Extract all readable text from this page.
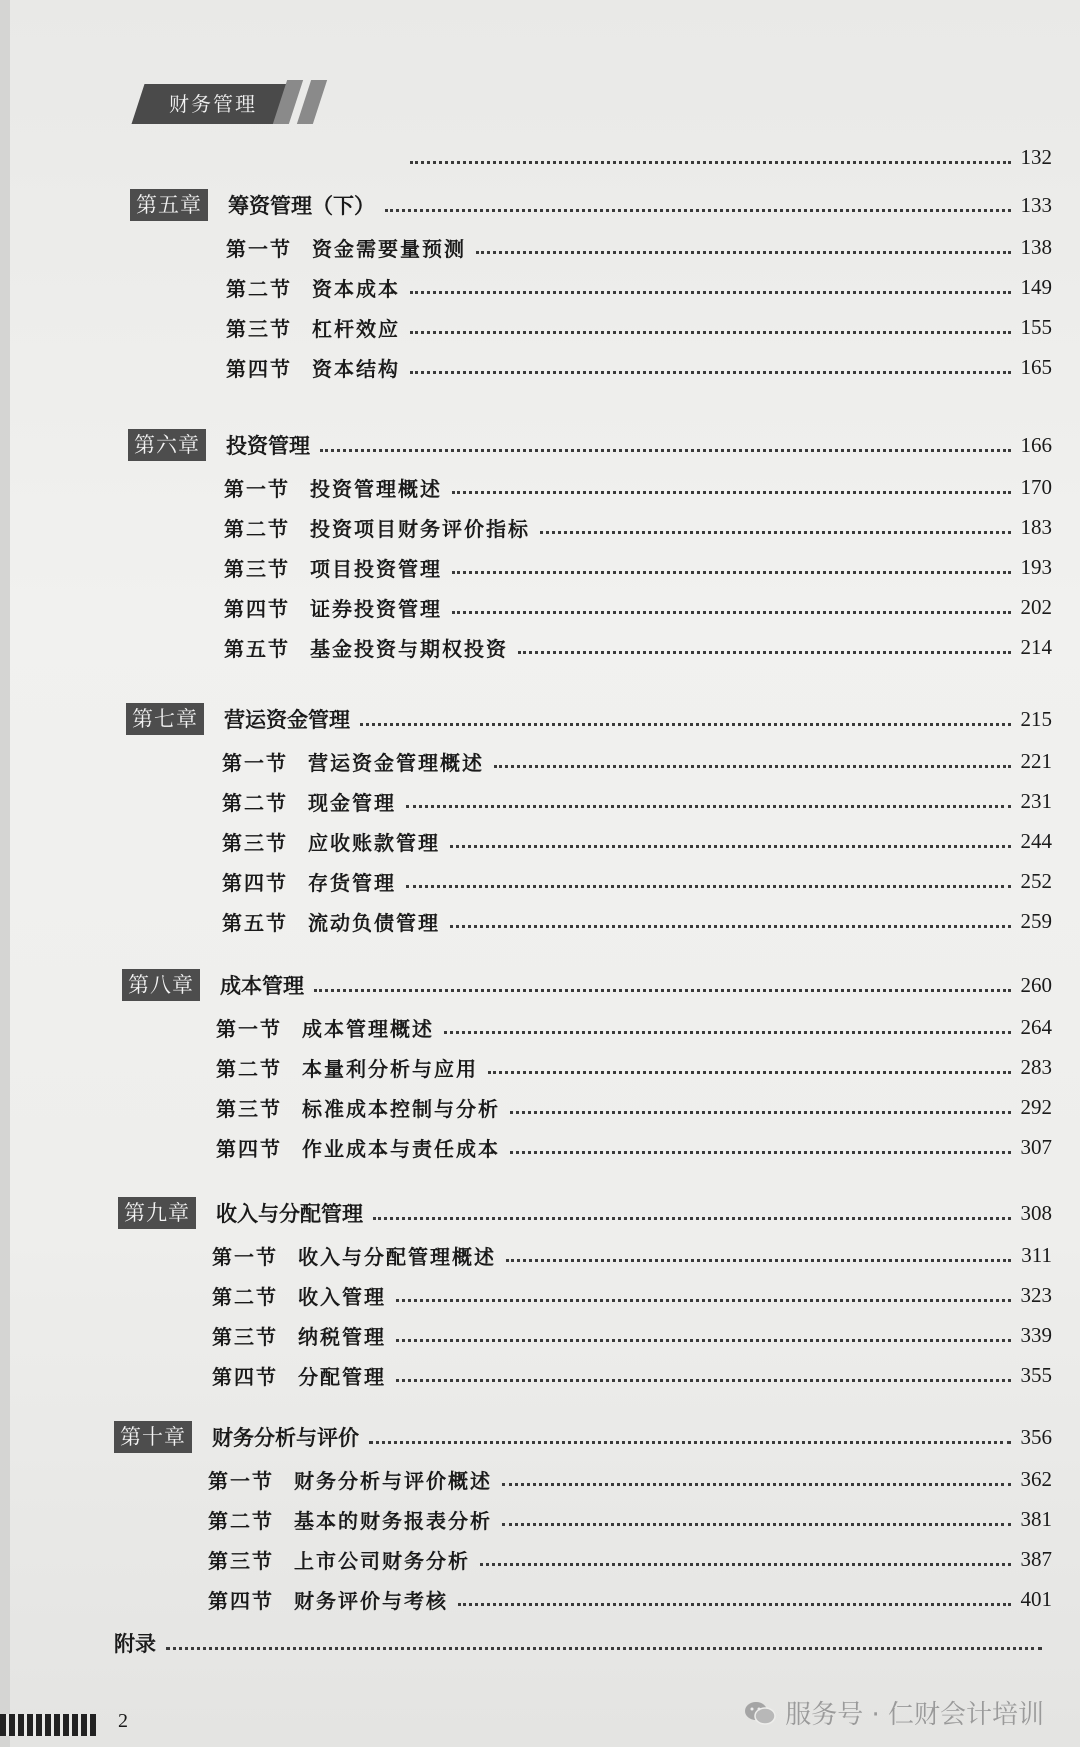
财务管理
132
第五章 筹资管理（下）	133
第一节	资金需要量预测	138
第二节	资本成本	149
第三节	杠杆效应	155
第四节	资本结构	165
第六章 投资管理	166
第一节	投资管理概述	170
第二节	投资项目财务评价指标	183
第三节	项目投资管理	193
第四节	证券投资管理	202
第五节	基金投资与期权投资	214
第七章 营运资金管理	215
第一节	营运资金管理概述	221
第二节	现金管理	231
第三节	应收账款管理	244
第四节	存货管理	252
第五节	流动负债管理	259
第八章 成本管理	260
第一节	成本管理概述	264
第二节	本量利分析与应用	283
第三节	标准成本控制与分析	292
第四节	作业成本与责任成本	307
第九章 收入与分配管理	308
第一节	收入与分配管理概述	311
第二节	收入管理	323
第三节	纳税管理	339
第四节	分配管理	355
第十章 财务分析与评价	356
第一节	财务分析与评价概述	362
第二节	基本的财务报表分析	381
第三节	上市公司财务分析	387
第四节	财务评价与考核	401
附录
2	服务号 · 仁财会计培训
